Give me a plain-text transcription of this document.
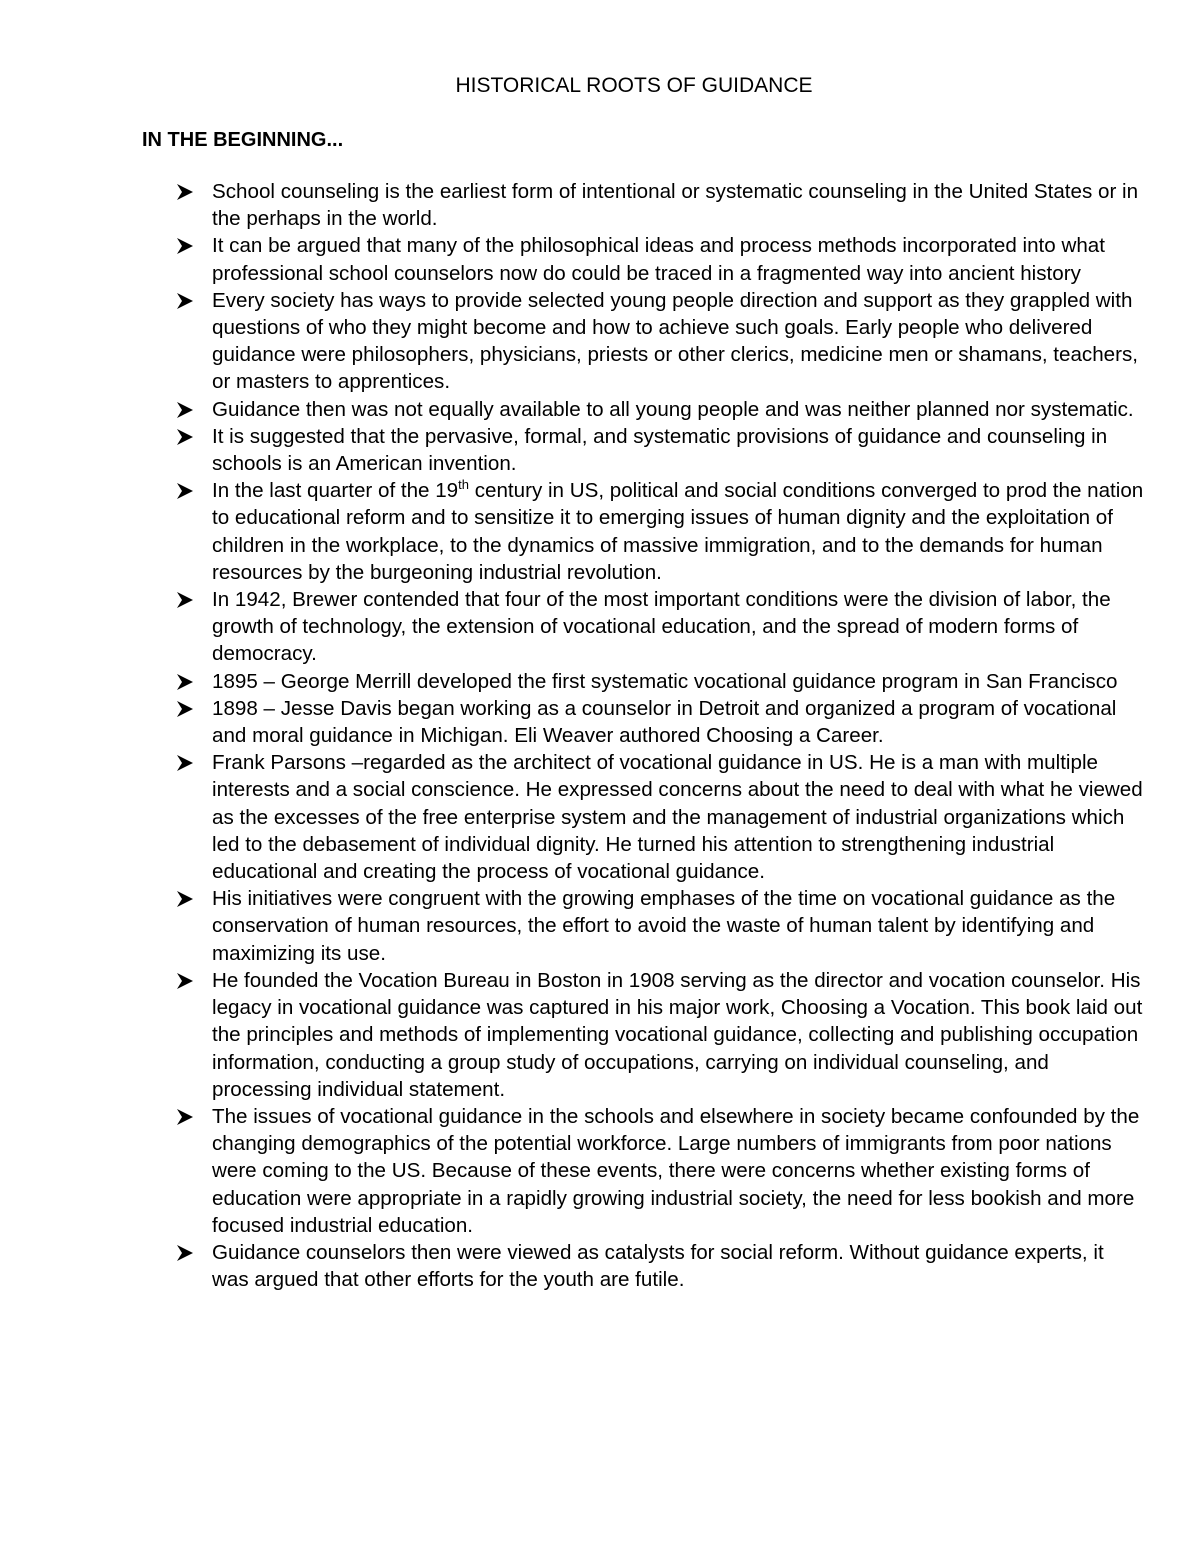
HISTORICAL ROOTS OF GUIDANCE
IN THE BEGINNING...
School counseling is the earliest form of intentional or systematic counseling in the United States or in the perhaps in the world.
It can be argued that many of the philosophical ideas and process methods incorporated into what professional school counselors now do could be traced in a fragmented way into ancient history
Every society has ways to provide selected young people direction and support as they grappled with questions of who they might become and how to achieve such goals. Early people who delivered guidance were philosophers, physicians, priests or other clerics, medicine men or shamans, teachers, or masters to apprentices.
Guidance then was not equally available to all young people and was neither planned nor systematic.
It is suggested that the pervasive, formal, and systematic provisions of guidance and counseling in schools is an American invention.
In the last quarter of the 19th century in US, political and social conditions converged to prod the nation to educational reform and to sensitize it to emerging issues of human dignity and the exploitation of children in the workplace, to the dynamics of massive immigration, and to the demands for human resources by the burgeoning industrial revolution.
In 1942, Brewer contended that four of the most important conditions were the division of labor, the growth of technology, the extension of vocational education, and the spread of modern forms of democracy.
1895 – George Merrill developed the first systematic vocational guidance program in San Francisco
1898 – Jesse Davis began working as a counselor in Detroit and organized a program of vocational and moral guidance in Michigan. Eli Weaver authored Choosing a Career.
Frank Parsons –regarded as the architect of vocational guidance in US. He is a man with multiple interests and a social conscience. He expressed concerns about the need to deal with what he viewed as the excesses of the free enterprise system and the management of industrial organizations which led to the debasement of individual dignity. He turned his attention to strengthening industrial educational and creating the process of vocational guidance.
His initiatives were congruent with the growing emphases of the time on vocational guidance as the conservation of human resources, the effort to avoid the waste of human talent by identifying and maximizing its use.
He founded the Vocation Bureau in Boston in 1908 serving as the director and vocation counselor. His legacy in vocational guidance was captured in his major work, Choosing a Vocation. This book laid out the principles and methods of implementing vocational guidance, collecting and publishing occupation information, conducting a group study of occupations, carrying on individual counseling, and processing individual statement.
The issues of vocational guidance in the schools and elsewhere in society became confounded by the changing demographics of the potential workforce. Large numbers of immigrants from poor nations were coming to the US. Because of these events, there were concerns whether existing forms of education were appropriate in a rapidly growing industrial society, the need for less bookish and more focused industrial education.
Guidance counselors then were viewed as catalysts for social reform. Without guidance experts, it was argued that other efforts for the youth are futile.
